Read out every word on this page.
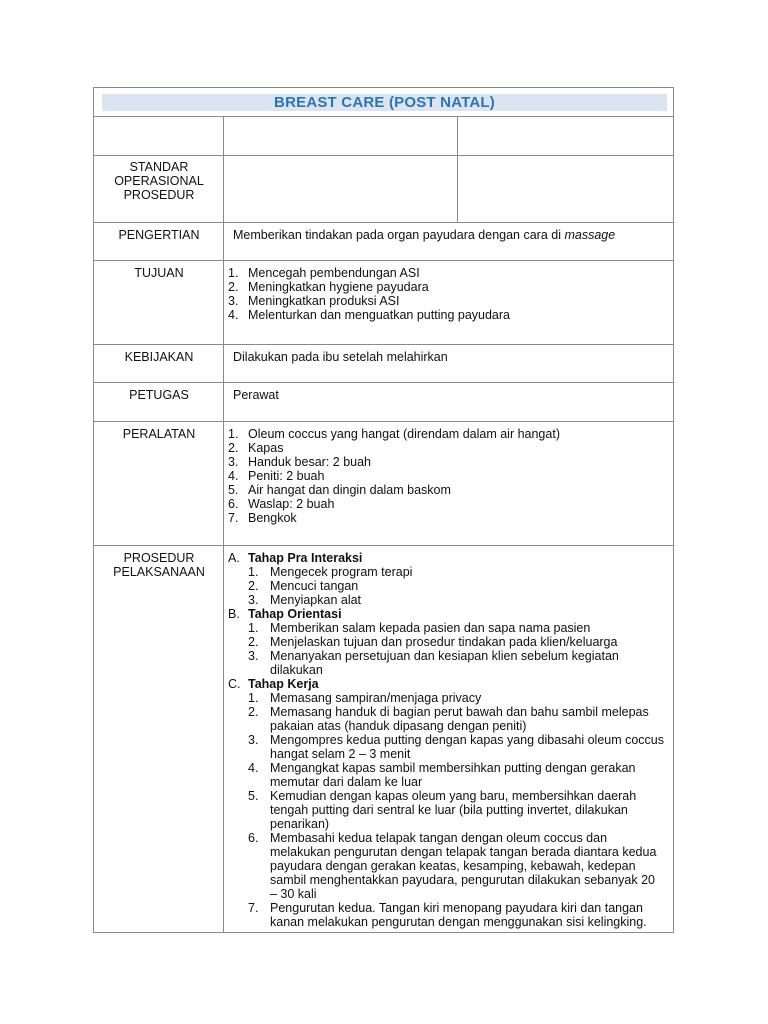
BREAST CARE (POST NATAL)
STANDAR OPERASIONAL PROSEDUR
PENGERTIAN	Memberikan tindakan pada organ payudara dengan cara di massage
TUJUAN	1. Mencegah pembendungan ASI
2. Meningkatkan hygiene payudara
3. Meningkatkan produksi ASI
4. Melenturkan dan menguatkan putting payudara
KEBIJAKAN	Dilakukan pada ibu setelah melahirkan
PETUGAS	Perawat
PERALATAN	1. Oleum coccus yang hangat (direndam dalam air hangat)
2. Kapas
3. Handuk besar: 2 buah
4. Peniti: 2 buah
5. Air hangat dan dingin dalam baskom
6. Waslap: 2 buah
7. Bengkok
PROSEDUR PELAKSANAAN
A. Tahap Pra Interaksi
1. Mengecek program terapi
2. Mencuci tangan
3. Menyiapkan alat
B. Tahap Orientasi
1. Memberikan salam kepada pasien dan sapa nama pasien
2. Menjelaskan tujuan dan prosedur tindakan pada klien/keluarga
3. Menanyakan persetujuan dan kesiapan klien sebelum kegiatan dilakukan
C. Tahap Kerja
1. Memasang sampiran/menjaga privacy
2. Memasang handuk di bagian perut bawah dan bahu sambil melepas pakaian atas (handuk dipasang dengan peniti)
3. Mengompres kedua putting dengan kapas yang dibasahi oleum coccus hangat selam 2 – 3 menit
4. Mengangkat kapas sambil membersihkan putting dengan gerakan memutar dari dalam ke luar
5. Kemudian dengan kapas oleum yang baru, membersihkan daerah tengah putting dari sentral ke luar (bila putting invertet, dilakukan penarikan)
6. Membasahi kedua telapak tangan dengan oleum coccus dan melakukan pengurutan dengan telapak tangan berada diantara kedua payudara dengan gerakan keatas, kesamping, kebawah, kedepan sambil menghentakkan payudara, pengurutan dilakukan sebanyak 20 – 30 kali
7. Pengurutan kedua. Tangan kiri menopang payudara kiri dan tangan kanan melakukan pengurutan dengan menggunakan sisi kelingking.
